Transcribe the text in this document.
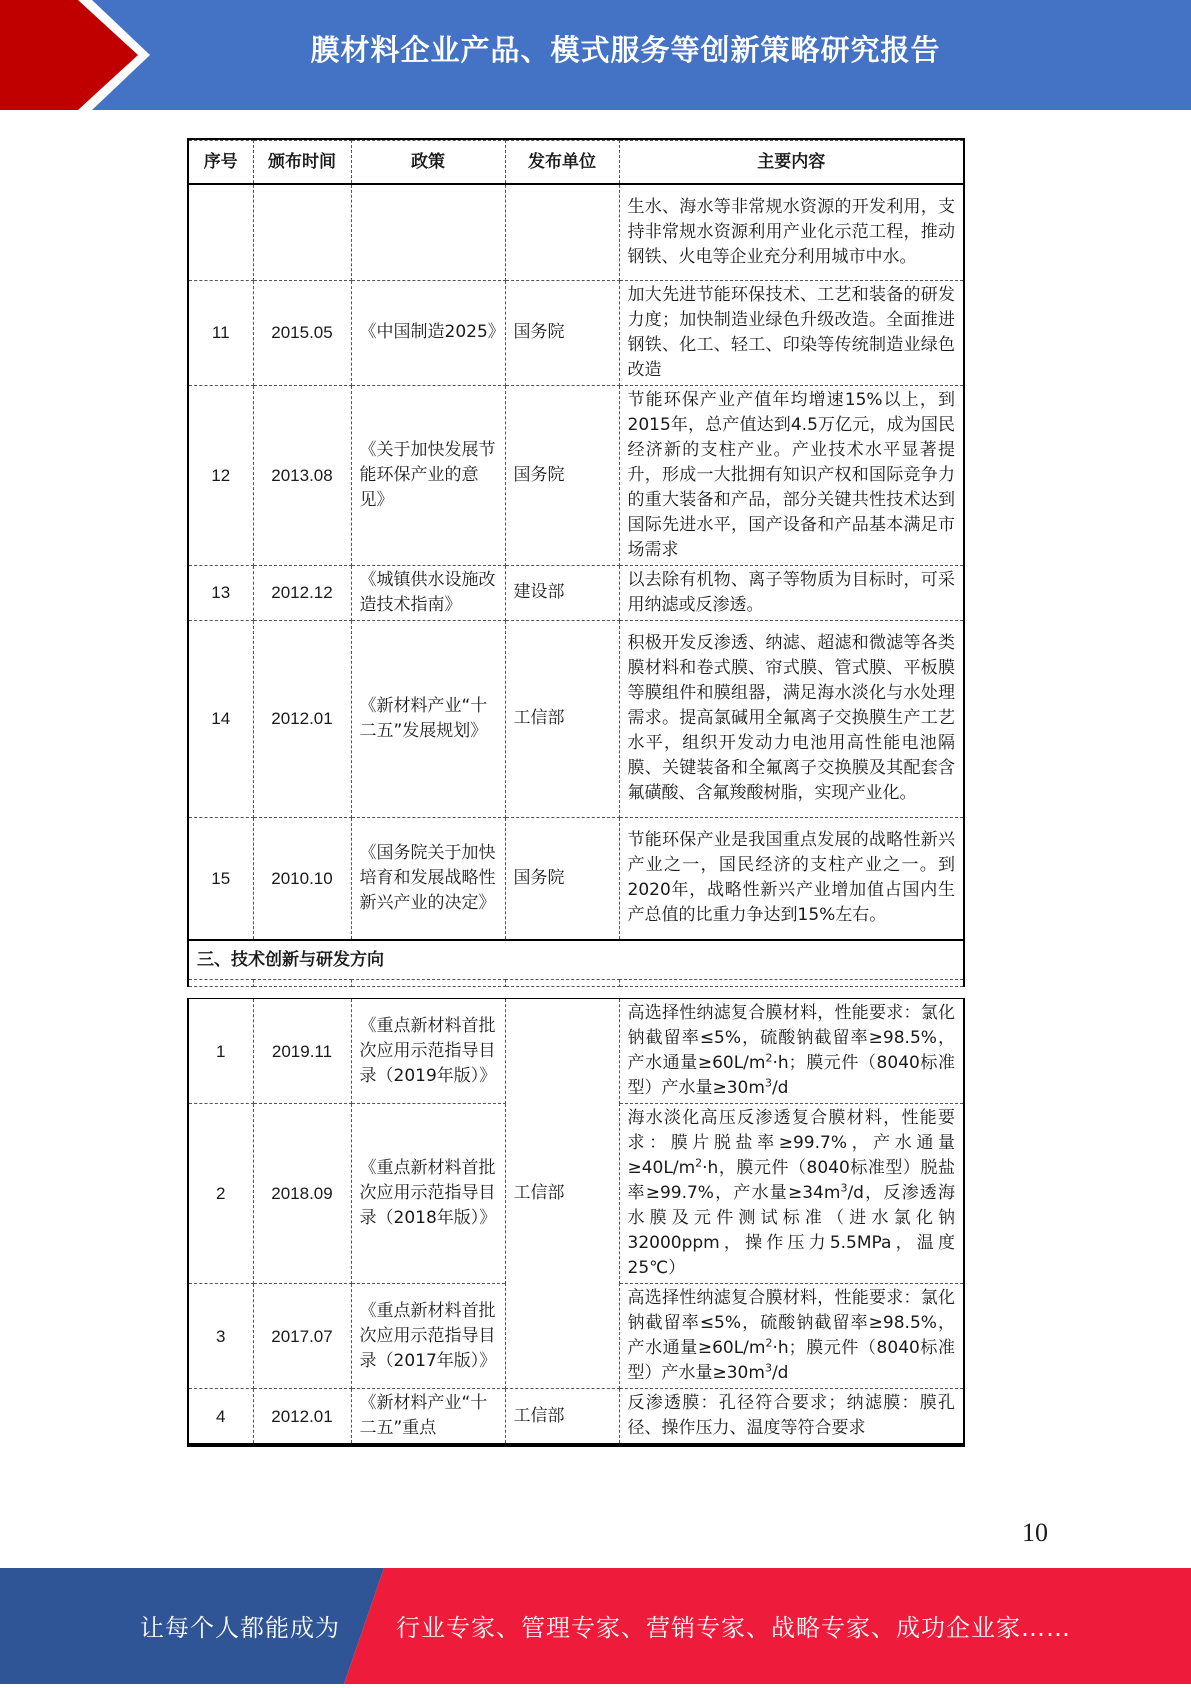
膜材料企业产品、模式服务等创新策略研究报告
序号	颁布时间	政策	发布单位	主要内容
				生水、海水等非常规水资源的开发利用，支持非常规水资源利用产业化示范工程，推动钢铁、火电等企业充分利用城市中水。
11	2015.05	《中国制造2025》	国务院	加大先进节能环保技术、工艺和装备的研发力度；加快制造业绿色升级改造。全面推进钢铁、化工、轻工、印染等传统制造业绿色改造
12	2013.08	《关于加快发展节能环保产业的意见》	国务院	节能环保产业产值年均增速15%以上，到2015年，总产值达到4.5万亿元，成为国民经济新的支柱产业。产业技术水平显著提升，形成一大批拥有知识产权和国际竞争力的重大装备和产品，部分关键共性技术达到国际先进水平，国产设备和产品基本满足市场需求
13	2012.12	《城镇供水设施改造技术指南》	建设部	以去除有机物、离子等物质为目标时，可采用纳滤或反渗透。
14	2012.01	《新材料产业“十二五”发展规划》	工信部	积极开发反渗透、纳滤、超滤和微滤等各类膜材料和卷式膜、帘式膜、管式膜、平板膜等膜组件和膜组器，满足海水淡化与水处理需求。提高氯碱用全氟离子交换膜生产工艺水平，组织开发动力电池用高性能电池隔膜、关键装备和全氟离子交换膜及其配套含氟磺酸、含氟羧酸树脂，实现产业化。
15	2010.10	《国务院关于加快培育和发展战略性新兴产业的决定》	国务院	节能环保产业是我国重点发展的战略性新兴产业之一，国民经济的支柱产业之一。到2020年，战略性新兴产业增加值占国内生产总值的比重力争达到15%左右。
三、技术创新与研发方向				

1	2019.11	《重点新材料首批次应用示范指导目录（2019年版）》	工信部	高选择性纳滤复合膜材料，性能要求：氯化钠截留率≤5%，硫酸钠截留率≥98.5%，产水通量$\ge 60L/m^2\cdot h$；膜元件（8040标准型）产水量$\ge 30m^3/d$
2	2018.09	《重点新材料首批次应用示范指导目录（2018年版）》		海水淡化高压反渗透复合膜材料，性能要求：膜片脱盐率≥99.7%，产水通量$\ge 40L/m^2\cdot h$，膜元件（8040标准型）脱盐率≥99.7%，产水量$\ge 34m^3/d$，反渗透海水膜及元件测试标准（进水氯化钠32000ppm，操作压力5.5MPa，温度25℃）
3	2017.07	《重点新材料首批次应用示范指导目录（2017年版）》		高选择性纳滤复合膜材料，性能要求：氯化钠截留率≤5%，硫酸钠截留率≥98.5%，产水通量$\ge 60L/m^2\cdot h$；膜元件（8040标准型）产水量$\ge 30m^3/d$
4	2012.01	《新材料产业“十二五”重点	工信部	反渗透膜：孔径符合要求；纳滤膜：膜孔径、操作压力、温度等符合要求
10
让每个人都能成为 行业专家、管理专家、营销专家、战略专家、成功企业家……
